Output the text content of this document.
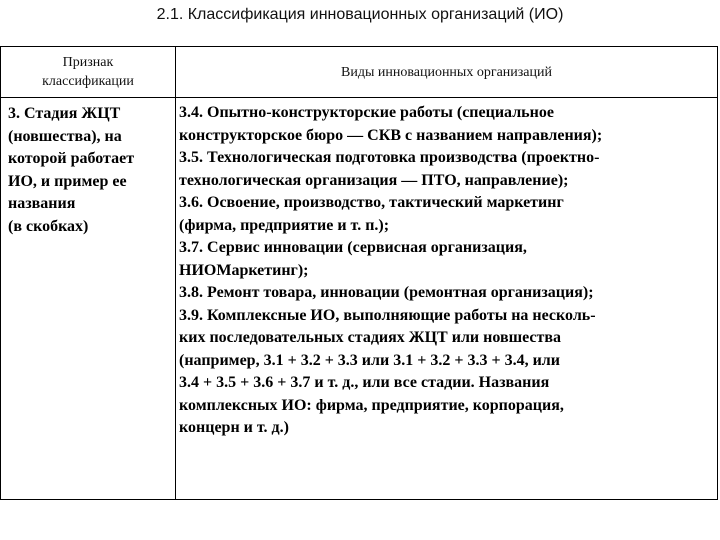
2.1. Классификация инновационных организаций (ИО)
Признак
классификации
Виды инновационных организаций
3. Стадия ЖЦТ
(новшества), на
которой работает
ИО, и пример ее
названия
(в скобках)
3.4. Опытно-конструкторские работы (специальное
конструкторское бюро — СКВ с названием направления);
3.5. Технологическая подготовка производства (проектно-
технологическая организация — ПТО, направление);
3.6. Освоение, производство, тактический маркетинг
(фирма, предприятие и т. п.);
3.7. Сервис инновации (сервисная организация,
НИОМаркетинг);
3.8. Ремонт товара, инновации (ремонтная организация);
3.9. Комплексные ИО, выполняющие работы на несколь-
ких последовательных стадиях ЖЦТ или новшества
(например, 3.1 + 3.2 + 3.3 или 3.1 + 3.2 + 3.3 + 3.4, или
3.4 + 3.5 + 3.6 + 3.7 и т. д., или все стадии. Названия
комплексных ИО: фирма, предприятие, корпорация,
концерн и т. д.)
